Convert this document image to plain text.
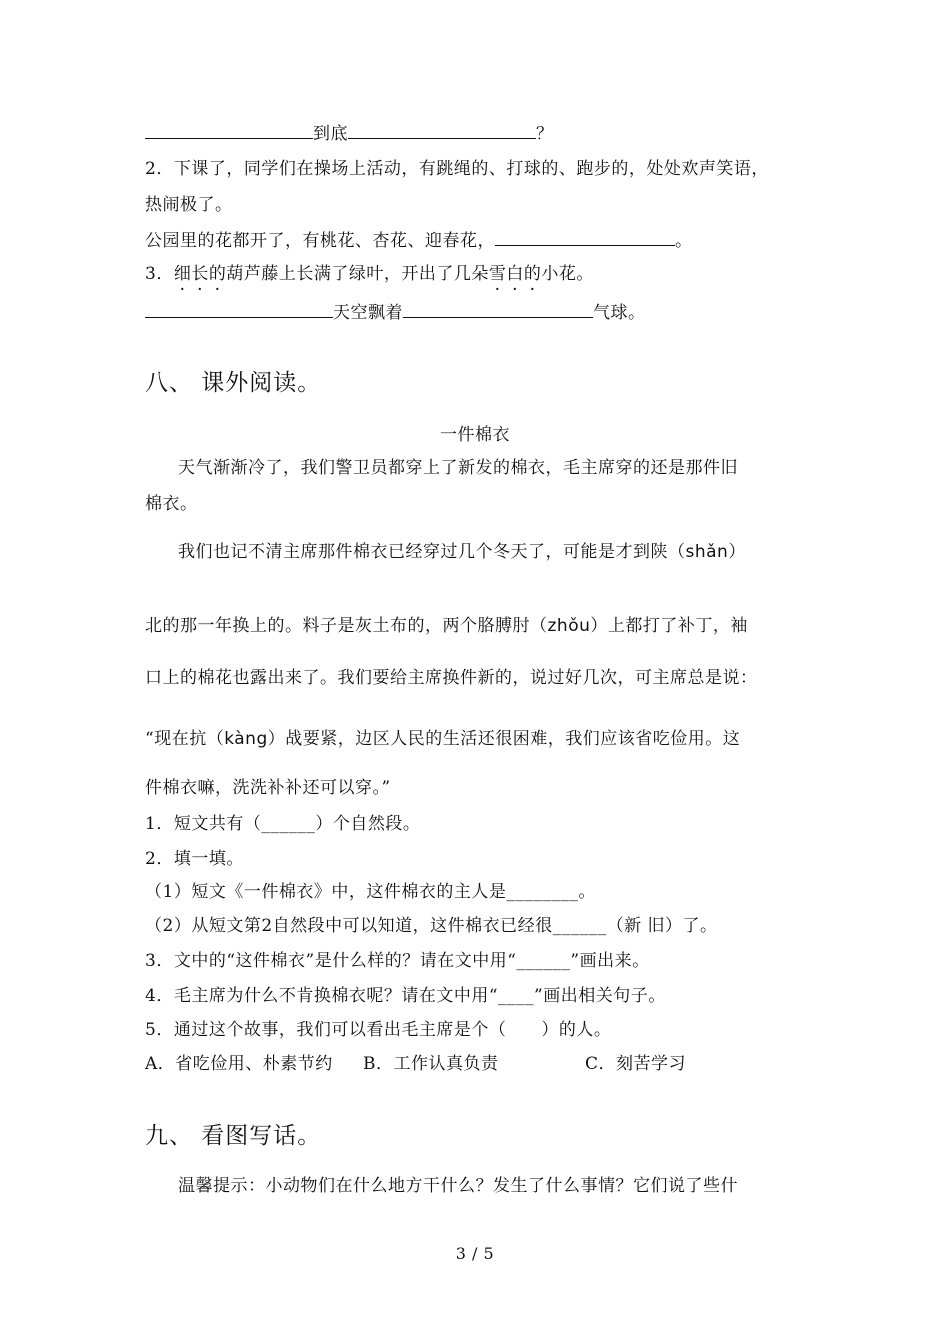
到底	？
2．下课了，同学们在操场上活动，有跳绳的、打球的、跑步的，处处欢声笑语，
热闹极了。
公园里的花都开了，有桃花、杏花、迎春花，	。
3．细长的葫芦藤上长满了绿叶，开出了几朵雪白的小花。
天空飘着	气球。
八、 课外阅读。
一件棉衣
天气渐渐冷了，我们警卫员都穿上了新发的棉衣，毛主席穿的还是那件旧
棉衣。
我们也记不清主席那件棉衣已经穿过几个冬天了，可能是才到陕（shǎn）
北的那一年换上的。料子是灰土布的，两个胳膊肘（zhǒu）上都打了补丁，袖
口上的棉花也露出来了。我们要给主席换件新的，说过好几次，可主席总是说：
“现在抗（kàng）战要紧，边区人民的生活还很困难，我们应该省吃俭用。这
件棉衣嘛，洗洗补补还可以穿。”
1．短文共有（______）个自然段。
2．填一填。
（1）短文《一件棉衣》中，这件棉衣的主人是________。
（2）从短文第2自然段中可以知道，这件棉衣已经很______（新 旧）了。
3．文中的“这件棉衣”是什么样的？请在文中用“______”画出来。
4．毛主席为什么不肯换棉衣呢？请在文中用“____”画出相关句子。
5．通过这个故事，我们可以看出毛主席是个（　　）的人。
A．省吃俭用、朴素节约 B．工作认真负责	C．刻苦学习
九、 看图写话。
温馨提示：小动物们在什么地方干什么？发生了什么事情？它们说了些什
3 / 5
